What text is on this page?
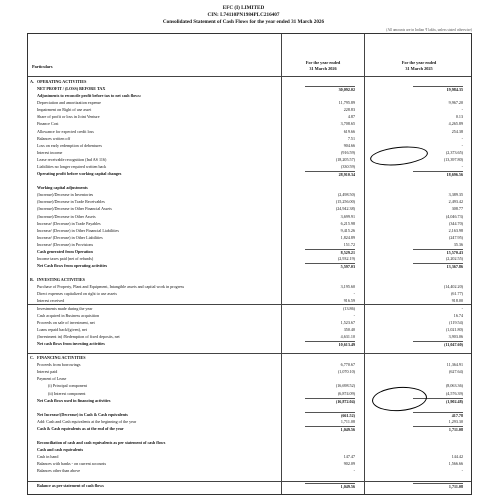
EFC (I) LIMITED
CIN: L74110PN1984PLC216407
Consolidated Statement of Cash Flows for the year ended 31 March 2026
(All amounts are in Indian ₹ lakhs, unless stated otherwise)
Particulars
For the year ended
31 March 2026
For the year ended
31 March 2025
A. OPERATING ACTIVITIES
NET PROFIT / (LOSS) BEFORE TAX	30,092.02	19,984.35
Adjustments to reconcile profit before tax to net cash flows:
Depreciation and amortization expense	11,795.89	9,967.20
Impairment on Right of use asset	228.83	-
Share of profit or loss in Joint Venture	4.87	0.13
Finance Cost	3,708.65	4,265.89
Allowance for expected credit loss	619.66	254.38
Balances written off	7.51	-
Loss on early redemption of debentures	904.66	-
Interest income	(916.59)	(2,373.65)
Lease receivable recognition (Ind AS 116)	(18,205.57)	(13,397.80)
Liabilities no longer required written back	(330.59)	-
Operating profit before working capital changes	28,910.34	18,696.56
Working capital adjustments
(Increase)/Decrease in Inventories	(2,498.50)	3,389.35
(Increase)/Decrease in Trade Receivables	(15,256.00)	2,493.42
(Increase)/Decrease in Other Financial Assets	(24,942.38)	308.77
(Increase)/Decrease in Other Assets	3,699.91	(4,046.73)
Increase/ (Decrease) in Trade Payables	6,215.98	(344.70)
Increase/ (Decrease) in Other Financial Liabilities	9,415.26	2,163.98
Increase/ (Decrease) in Other Liabilities	1,824.89	(247.95)
Increase/ (Decrease) in Provisions	151.72	35.36
Cash generated from Operation	8,529.21	15,570.43
Income taxes paid (net of refunds)	(2,932.19)	(2,202.55)
Net Cash flows from operating activities	5,597.03	13,367.86
B. INVESTING ACTIVITIES
Purchase of Property, Plant and Equipment, Intangible assets and capital work in progress	3,195.60	(14,402.20)
Direct expenses capitalized on right to use assets	-	(61.77)
Interest received	916.59	918.00
Investments made during the year	(13.86)	-
Cash acquired in Business acquisition	-	16.74
Proceeds on sale of investment, net	1,523.67	(119.54)
Loans repaid back/(given), net	350.40	(1,021.80)
(Investment in) /Redemption of fixed deposits, net	4,631.10	3,903.06
Net cash flows from investing activities	10,613.49	(11,047.60)
C. FINANCING ACTIVITIES
Proceeds from borrowings	6,770.67	11,364.91
Interest paid	(1,070.10)	(627.64)
Payment of Lease
(i) Principal component	(16,698.52)	(8,063.36)
(ii) Interest component	(6,874.09)	(4,576.39)
Net Cash flows used in financing activities	(16,872.04)	(1,902.48)
Net Increase/(Decrease) in Cash & Cash equivalents	(661.52)	417.78
Add: Cash and Cash equivalents at the beginning of the year	1,711.08	1,293.30
Cash & Cash equivalents as at the end of the year	1,049.56	1,711.08
Reconciliation of cash and cash equivalents as per statement of cash flows
Cash and cash equivalents
Cash in hand	147.47	144.42
Balances with banks - on current accounts	902.09	1,566.66
Balances other than above	-	-
Balance as per statement of cash flows	1,049.56	1,711.08
